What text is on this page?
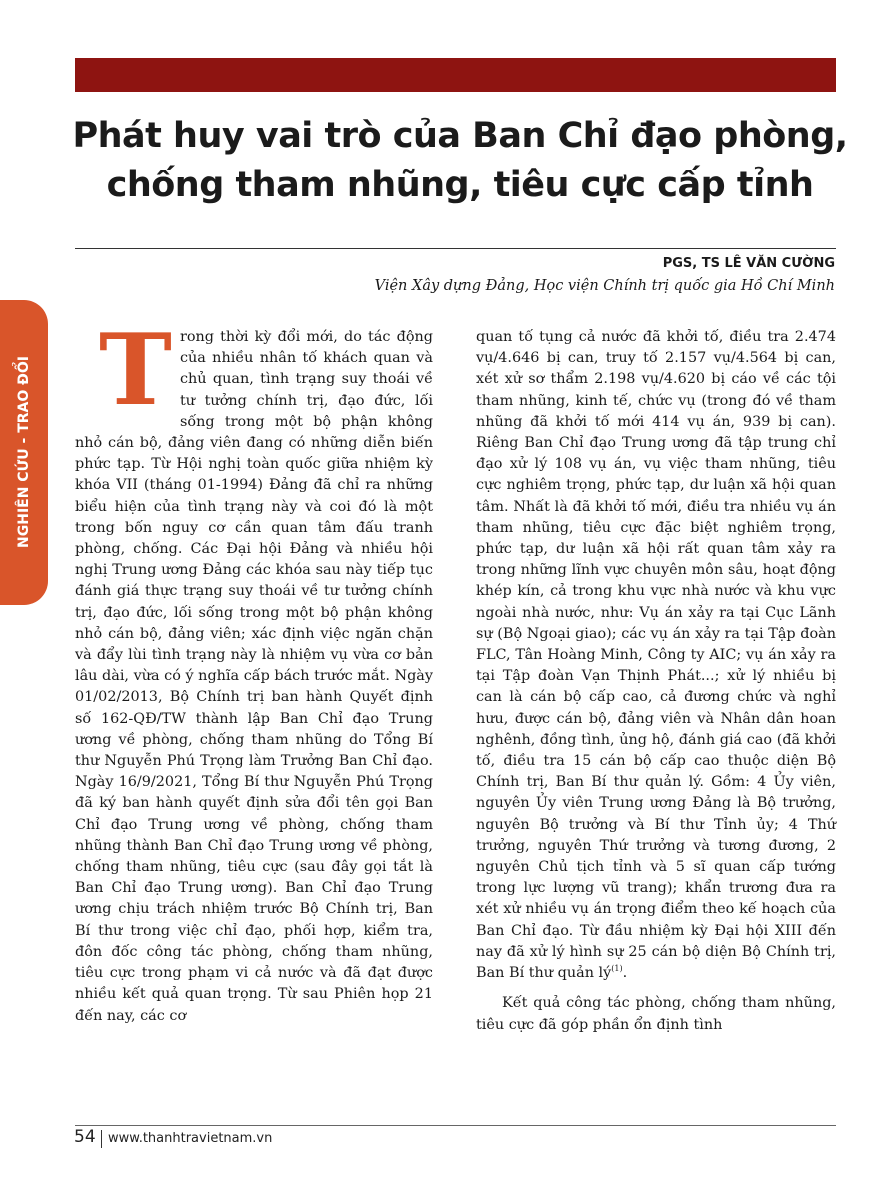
Phát huy vai trò của Ban Chỉ đạo phòng,
chống tham nhũng, tiêu cực cấp tỉnh
PGS, TS LÊ VĂN CƯỜNG
Viện Xây dựng Đảng, Học viện Chính trị quốc gia Hồ Chí Minh
NGHIÊN CỨU - TRAO ĐỔI Trong thời kỳ đổi mới, do tác động của nhiều nhân tố khách quan và chủ quan, tình trạng suy thoái về tư tưởng chính trị, đạo đức, lối sống trong một bộ phận không nhỏ cán bộ, đảng viên đang có những diễn biến phức tạp. Từ Hội nghị toàn quốc giữa nhiệm kỳ khóa VII (tháng 01-1994) Đảng đã chỉ ra những biểu hiện của tình trạng này và coi đó là một trong bốn nguy cơ cần quan tâm đấu tranh phòng, chống. Các Đại hội Đảng và nhiều hội nghị Trung ương Đảng các khóa sau này tiếp tục đánh giá thực trạng suy thoái về tư tưởng chính trị, đạo đức, lối sống trong một bộ phận không nhỏ cán bộ, đảng viên; xác định việc ngăn chặn và đẩy lùi tình trạng này là nhiệm vụ vừa cơ bản lâu dài, vừa có ý nghĩa cấp bách trước mắt. Ngày 01/02/2013, Bộ Chính trị ban hành Quyết định số 162-QĐ/TW thành lập Ban Chỉ đạo Trung ương về phòng, chống tham nhũng do Tổng Bí thư Nguyễn Phú Trọng làm Trưởng Ban Chỉ đạo. Ngày 16/9/2021, Tổng Bí thư Nguyễn Phú Trọng đã ký ban hành quyết định sửa đổi tên gọi Ban Chỉ đạo Trung ương về phòng, chống tham nhũng thành Ban Chỉ đạo Trung ương về phòng, chống tham nhũng, tiêu cực (sau đây gọi tắt là Ban Chỉ đạo Trung ương). Ban Chỉ đạo Trung ương chịu trách nhiệm trước Bộ Chính trị, Ban Bí thư trong việc chỉ đạo, phối hợp, kiểm tra, đôn đốc công tác phòng, chống tham nhũng, tiêu cực trong phạm vi cả nước và đã đạt được nhiều kết quả quan trọng. Từ sau Phiên họp 21 đến nay, các cơ

quan tố tụng cả nước đã khởi tố, điều tra 2.474 vụ/4.646 bị can, truy tố 2.157 vụ/4.564 bị can, xét xử sơ thẩm 2.198 vụ/4.620 bị cáo về các tội tham nhũng, kinh tế, chức vụ (trong đó về tham nhũng đã khởi tố mới 414 vụ án, 939 bị can). Riêng Ban Chỉ đạo Trung ương đã tập trung chỉ đạo xử lý 108 vụ án, vụ việc tham nhũng, tiêu cực nghiêm trọng, phức tạp, dư luận xã hội quan tâm. Nhất là đã khởi tố mới, điều tra nhiều vụ án tham nhũng, tiêu cực đặc biệt nghiêm trọng, phức tạp, dư luận xã hội rất quan tâm xảy ra trong những lĩnh vực chuyên môn sâu, hoạt động khép kín, cả trong khu vực nhà nước và khu vực ngoài nhà nước, như: Vụ án xảy ra tại Cục Lãnh sự (Bộ Ngoại giao); các vụ án xảy ra tại Tập đoàn FLC, Tân Hoàng Minh, Công ty AIC; vụ án xảy ra tại Tập đoàn Vạn Thịnh Phát...; xử lý nhiều bị can là cán bộ cấp cao, cả đương chức và nghỉ hưu, được cán bộ, đảng viên và Nhân dân hoan nghênh, đồng tình, ủng hộ, đánh giá cao (đã khởi tố, điều tra 15 cán bộ cấp cao thuộc diện Bộ Chính trị, Ban Bí thư quản lý. Gồm: 4 Ủy viên, nguyên Ủy viên Trung ương Đảng là Bộ trưởng, nguyên Bộ trưởng và Bí thư Tỉnh ủy; 4 Thứ trưởng, nguyên Thứ trưởng và tương đương, 2 nguyên Chủ tịch tỉnh và 5 sĩ quan cấp tướng trong lực lượng vũ trang); khẩn trương đưa ra xét xử nhiều vụ án trọng điểm theo kế hoạch của Ban Chỉ đạo. Từ đầu nhiệm kỳ Đại hội XIII đến nay đã xử lý hình sự 25 cán bộ diện Bộ Chính trị, Ban Bí thư quản $lý^{(1)}$.

Kết quả công tác phòng, chống tham nhũng, tiêu cực đã góp phần ổn định tình

54 www.thanhtravietnam.vn
